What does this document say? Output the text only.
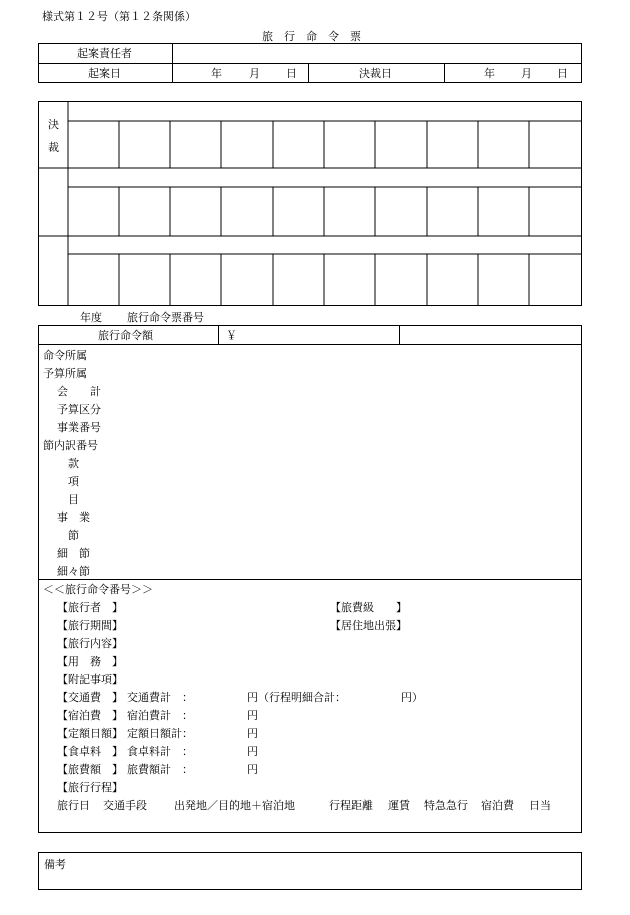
様式第１２号（第１２条関係）
旅　行　命　令　票
起案責任者
起案日	年 月 日	決裁日	年 月 日
決
裁
年度 旅行命令票番号
旅行命令額	￥
命令所属
予算所属
会　　計
予算区分
事業番号
節内訳番号
款
項
目
事　業
節
細　節
細々節
＜＜旅行命令番号＞＞
【旅行者　】	【旅費級　　】
【旅行期間】	【居住地出張】
【旅行内容】
【用　務　】
【附記事項】
【交通費　】 交通費計　：	円（行程明細合計：	円）
【宿泊費　】 宿泊費計　：	円
【定額日額】 定額日額計：	円
【食卓料　】 食卓料計　：	円
【旅費額　】 旅費額計　：	円
【旅行行程】
旅行日 交通手段 出発地／目的地＋宿泊地	行程距離 運賃 特急急行 宿泊費 日当
備考
